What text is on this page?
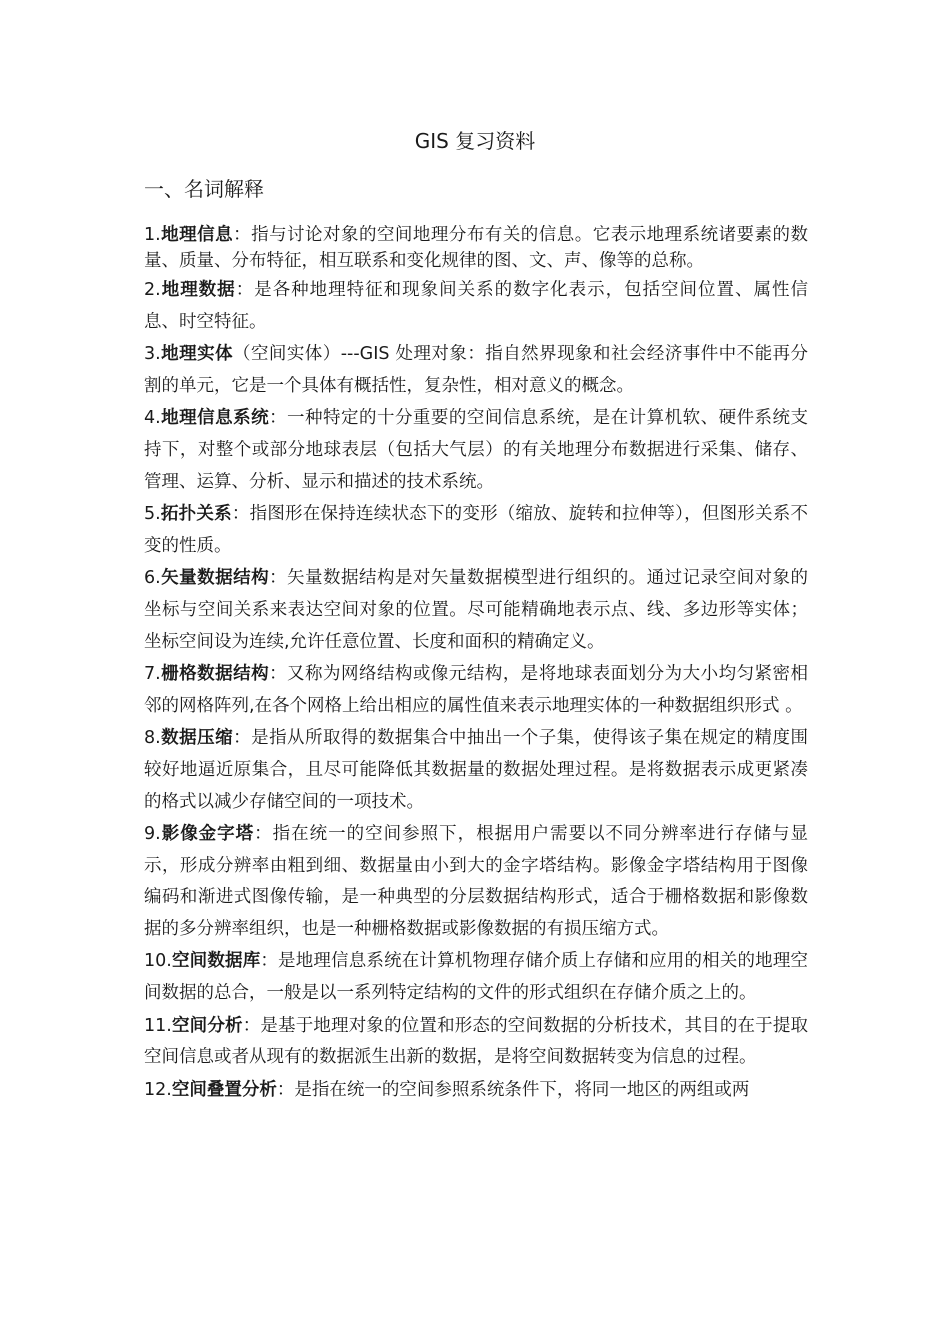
GIS 复习资料
一、名词解释

1.地理信息：指与讨论对象的空间地理分布有关的信息。它表示地理系统诸要素的数量、质量、分布特征，相互联系和变化规律的图、文、声、像等的总称。

2.地理数据：是各种地理特征和现象间关系的数字化表示，包括空间位置、属性信息、时空特征。

3.地理实体（空间实体）---GIS 处理对象：指自然界现象和社会经济事件中不能再分割的单元，它是一个具体有概括性，复杂性，相对意义的概念。

4.地理信息系统：一种特定的十分重要的空间信息系统，是在计算机软、硬件系统支持下，对整个或部分地球表层（包括大气层）的有关地理分布数据进行采集、储存、管理、运算、分析、显示和描述的技术系统。

5.拓扑关系：指图形在保持连续状态下的变形（缩放、旋转和拉伸等），但图形关系不变的性质。

6.矢量数据结构：矢量数据结构是对矢量数据模型进行组织的。通过记录空间对象的坐标与空间关系来表达空间对象的位置。尽可能精确地表示点、线、多边形等实体；坐标空间设为连续,允许任意位置、长度和面积的精确定义。

7.栅格数据结构：又称为网络结构或像元结构，是将地球表面划分为大小均匀紧密相邻的网格阵列,在各个网格上给出相应的属性值来表示地理实体的一种数据组织形式 。

8.数据压缩：是指从所取得的数据集合中抽出一个子集，使得该子集在规定的精度围较好地逼近原集合，且尽可能降低其数据量的数据处理过程。是将数据表示成更紧凑的格式以减少存储空间的一项技术。

9.影像金字塔：指在统一的空间参照下，根据用户需要以不同分辨率进行存储与显示，形成分辨率由粗到细、数据量由小到大的金字塔结构。影像金字塔结构用于图像编码和渐进式图像传输，是一种典型的分层数据结构形式，适合于栅格数据和影像数据的多分辨率组织，也是一种栅格数据或影像数据的有损压缩方式。

10.空间数据库：是地理信息系统在计算机物理存储介质上存储和应用的相关的地理空间数据的总合，一般是以一系列特定结构的文件的形式组织在存储介质之上的。

11.空间分析：是基于地理对象的位置和形态的空间数据的分析技术，其目的在于提取空间信息或者从现有的数据派生出新的数据，是将空间数据转变为信息的过程。

12.空间叠置分析：是指在统一的空间参照系统条件下，将同一地区的两组或两
